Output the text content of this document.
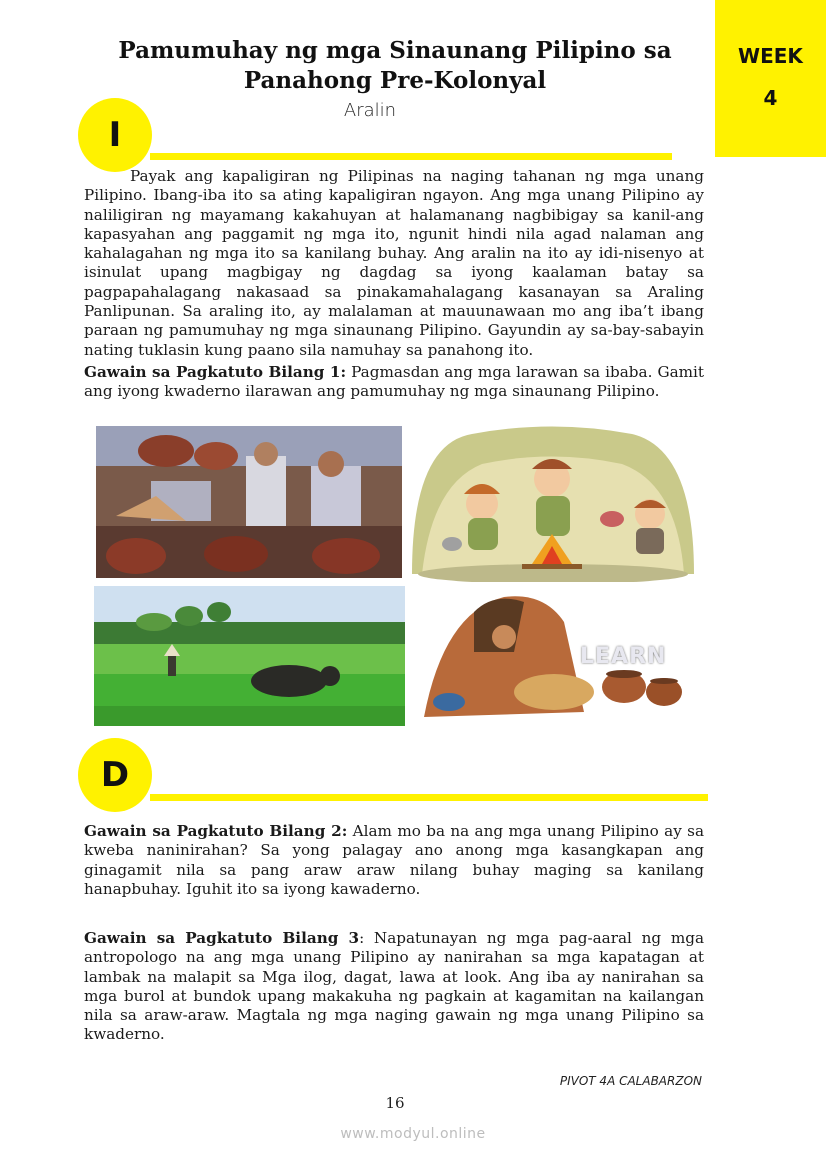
Pamumuhay ng mga Sinaunang Pilipino sa
Panahong Pre-Kolonyal
WEEK
4
Aralin
I

Payak ang kapaligiran ng Pilipinas na naging tahanan ng mga unang Pilipino. Ibang-iba ito sa ating kapaligiran ngayon. Ang mga unang Pilipino ay naliligiran ng mayamang kakahuyan at halamanang nagbibigay sa kanil-ang kapasyahan ang paggamit ng mga ito, ngunit hindi nila agad nalaman ang kahalagahan ng mga ito sa kanilang buhay. Ang aralin na ito ay idi-nisenyo at isinulat upang magbigay ng dagdag sa iyong kaalaman batay sa pagpapahalagang nakasaad sa pinakamahalagang kasanayan sa Araling Panlipunan. Sa araling ito, ay malalaman at mauunawaan mo ang iba’t ibang paraan ng pamumuhay ng mga sinaunang Pilipino. Gayundin ay sa-bay-sabayin nating tuklasin kung paano sila namuhay sa panahong ito.

Gawain sa Pagkatuto Bilang 1: Pagmasdan ang mga larawan sa ibaba. Gamit ang iyong kwaderno ilarawan ang pamumuhay ng mga sinaunang Pilipino.

LEARN
D

Gawain sa Pagkatuto Bilang 2: Alam mo ba na ang mga unang Pilipino ay sa kweba naninirahan? Sa yong palagay ano anong mga kasangkapan ang ginagamit nila sa pang araw araw nilang buhay maging sa kanilang hanapbuhay. Iguhit ito sa iyong kawaderno.

Gawain sa Pagkatuto Bilang 3: Napatunayan ng mga pag-aaral ng mga antropologo na ang mga unang Pilipino ay nanirahan sa mga kapatagan at lambak na malapit sa Mga ilog, dagat, lawa at look. Ang iba ay nanirahan sa mga burol at bundok upang makakuha ng pagkain at kagamitan na kailangan nila sa araw-araw. Magtala ng mga naging gawain ng mga unang Pilipino sa kwaderno.

PIVOT 4A CALABARZON
16
www.modyul.online
